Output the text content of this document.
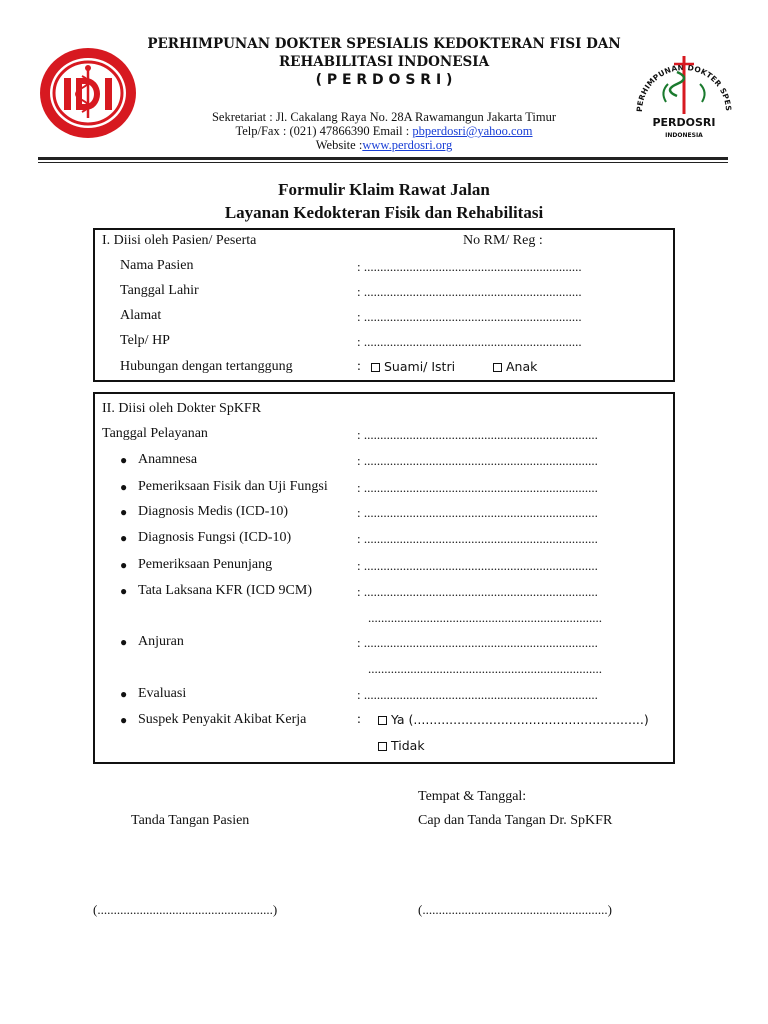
PERHIMPUNAN DOKTER SPES
PERDOSRI
INDONESIA
PERHIMPUNAN DOKTER SPESIALIS KEDOKTERAN FISI DAN
REHABILITASI INDONESIA
( P E R D O S R I )
Sekretariat : Jl. Cakalang Raya No. 28A Rawamangun Jakarta Timur
Telp/Fax : (021) 47866390 Email : pbperdosri@yahoo.com
Website :www.perdosri.org
Formulir Klaim Rawat Jalan
Layanan Kedokteran Fisik dan Rehabilitasi
I. Diisi oleh Pasien/ Peserta	No RM/ Reg :
Nama Pasien	: ...................................................................
Tanggal Lahir	: ...................................................................
Alamat	: ...................................................................
Telp/ HP	: ...................................................................
Hubungan dengan tertanggung	:	Suami/ Istri	Anak
II. Diisi oleh Dokter SpKFR
Tanggal Pelayanan	: ........................................................................
● Anamnesa	: ........................................................................
● Pemeriksaan Fisik dan Uji Fungsi : ........................................................................
● Diagnosis Medis (ICD-10)	: ........................................................................
● Diagnosis Fungsi (ICD-10)	: ........................................................................
● Pemeriksaan Penunjang	: ........................................................................
● Tata Laksana KFR (ICD 9CM)	: ........................................................................
........................................................................
● Anjuran	: ........................................................................
........................................................................
● Evaluasi	: ........................................................................
● Suspek Penyakit Akibat Kerja	:	Ya (..........................................................)
Tidak
Tempat & Tanggal:
Tanda Tangan Pasien	Cap dan Tanda Tangan Dr. SpKFR
(......................................................)	(.........................................................)
